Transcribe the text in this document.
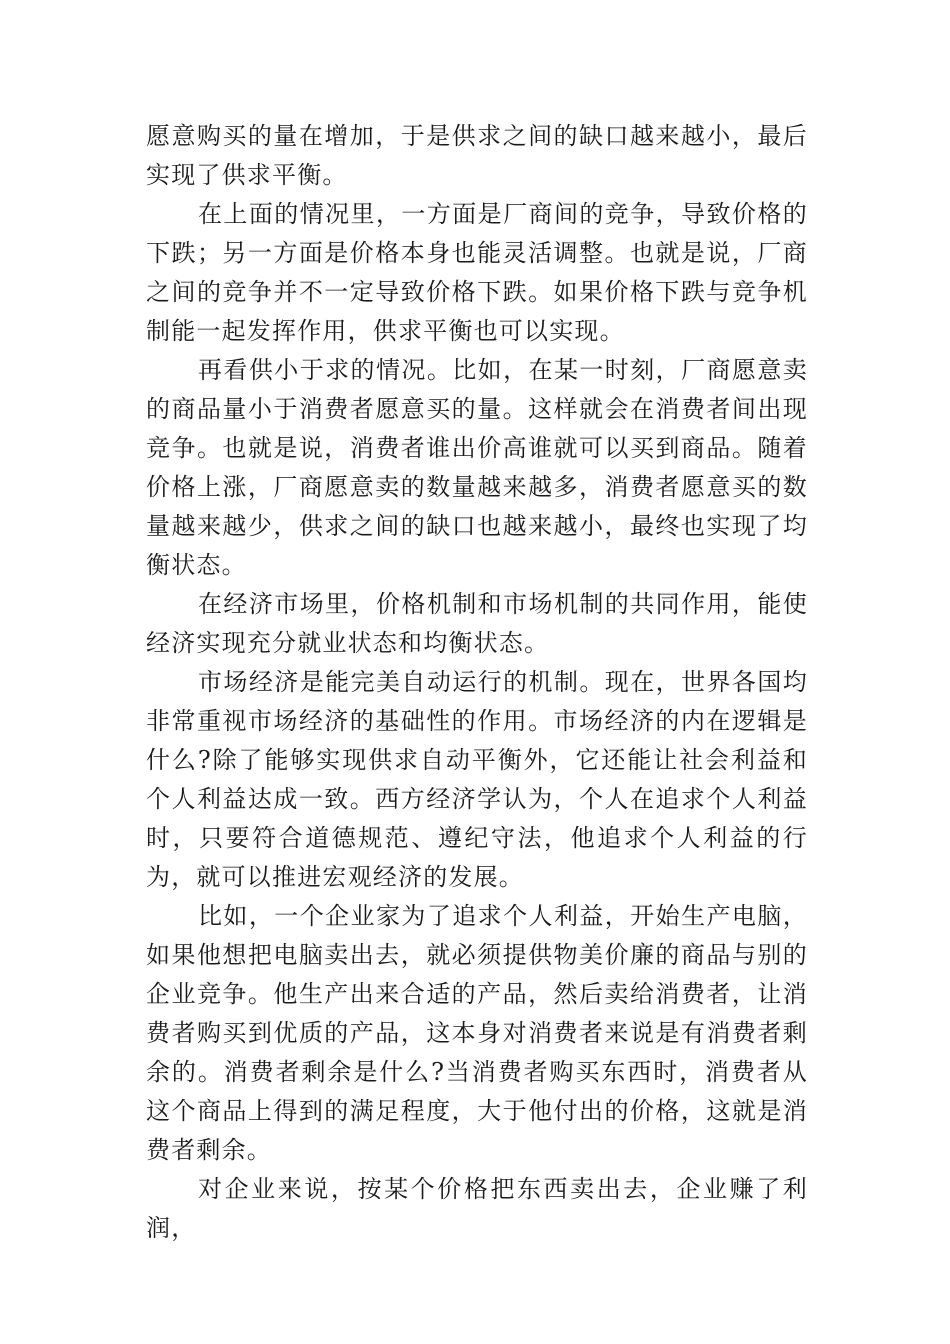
愿意购买的量在增加，于是供求之间的缺口越来越小，最后实现了供求平衡。

在上面的情况里，一方面是厂商间的竞争，导致价格的下跌；另一方面是价格本身也能灵活调整。也就是说，厂商之间的竞争并不一定导致价格下跌。如果价格下跌与竞争机制能一起发挥作用，供求平衡也可以实现。

再看供小于求的情况。比如，在某一时刻，厂商愿意卖的商品量小于消费者愿意买的量。这样就会在消费者间出现竞争。也就是说，消费者谁出价高谁就可以买到商品。随着价格上涨，厂商愿意卖的数量越来越多，消费者愿意买的数量越来越少，供求之间的缺口也越来越小，最终也实现了均衡状态。

在经济市场里，价格机制和市场机制的共同作用，能使经济实现充分就业状态和均衡状态。

市场经济是能完美自动运行的机制。现在，世界各国均非常重视市场经济的基础性的作用。市场经济的内在逻辑是什么?除了能够实现供求自动平衡外，它还能让社会利益和个人利益达成一致。西方经济学认为，个人在追求个人利益时，只要符合道德规范、遵纪守法，他追求个人利益的行为，就可以推进宏观经济的发展。

比如，一个企业家为了追求个人利益，开始生产电脑，如果他想把电脑卖出去，就必须提供物美价廉的商品与别的企业竞争。他生产出来合适的产品，然后卖给消费者，让消费者购买到优质的产品，这本身对消费者来说是有消费者剩余的。消费者剩余是什么?当消费者购买东西时，消费者从这个商品上得到的满足程度，大于他付出的价格，这就是消费者剩余。

对企业来说，按某个价格把东西卖出去，企业赚了利润，
